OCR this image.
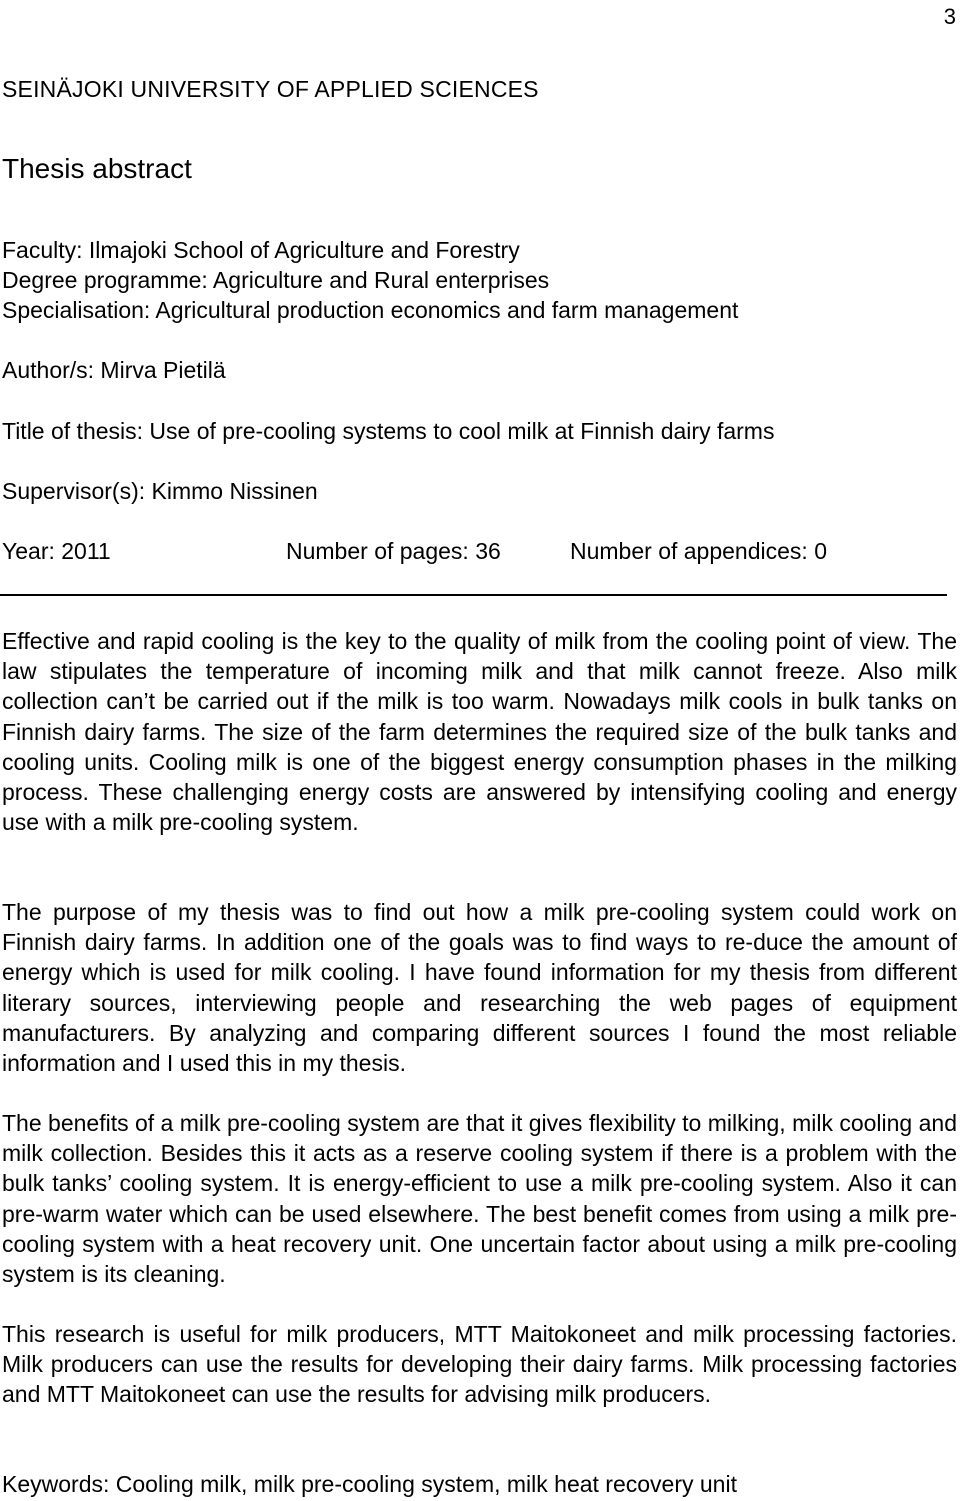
3
SEINÄJOKI UNIVERSITY OF APPLIED SCIENCES
Thesis abstract
Faculty: Ilmajoki School of Agriculture and Forestry
Degree programme: Agriculture and Rural enterprises
Specialisation: Agricultural production economics and farm management
Author/s: Mirva Pietilä
Title of thesis: Use of pre-cooling systems to cool milk at Finnish dairy farms
Supervisor(s): Kimmo Nissinen
Year: 2011	Number of pages: 36	Number of appendices: 0

Effective and rapid cooling is the key to the quality of milk from the cooling point of view. The law stipulates the temperature of incoming milk and that milk cannot freeze. Also milk collection can’t be carried out if the milk is too warm. Nowadays milk cools in bulk tanks on Finnish dairy farms. The size of the farm determines the required size of the bulk tanks and cooling units. Cooling milk is one of the biggest energy consumption phases in the milking process. These challenging energy costs are answered by intensifying cooling and energy use with a milk pre-cooling system.

The purpose of my thesis was to find out how a milk pre-cooling system could work on Finnish dairy farms. In addition one of the goals was to find ways to re-duce the amount of energy which is used for milk cooling. I have found information for my thesis from different literary sources, interviewing people and researching the web pages of equipment manufacturers. By analyzing and comparing different sources I found the most reliable information and I used this in my thesis.

The benefits of a milk pre-cooling system are that it gives flexibility to milking, milk cooling and milk collection. Besides this it acts as a reserve cooling system if there is a problem with the bulk tanks’ cooling system. It is energy-efficient to use a milk pre-cooling system. Also it can pre-warm water which can be used elsewhere. The best benefit comes from using a milk pre-cooling system with a heat recovery unit. One uncertain factor about using a milk pre-cooling system is its cleaning.

This research is useful for milk producers, MTT Maitokoneet and milk processing factories. Milk producers can use the results for developing their dairy farms. Milk processing factories and MTT Maitokoneet can use the results for advising milk producers.

Keywords: Cooling milk, milk pre-cooling system, milk heat recovery unit
